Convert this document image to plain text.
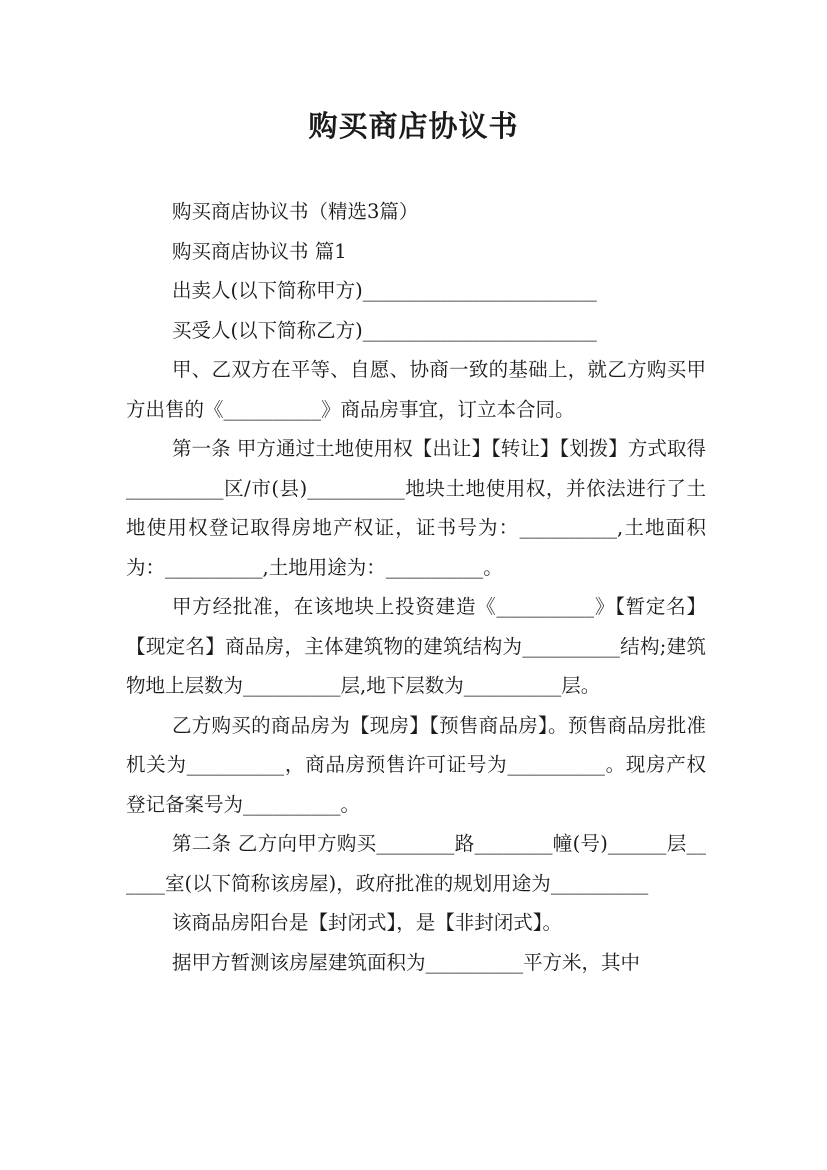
购买商店协议书

购买商店协议书（精选3篇）

购买商店协议书 篇1

出卖人(以下简称甲方)________________________

买受人(以下简称乙方)________________________

甲、乙双方在平等、自愿、协商一致的基础上，就乙方购买甲方出售的《__________》商品房事宜，订立本合同。

第一条 甲方通过土地使用权【出让】【转让】【划拨】方式取得__________区/市(县)__________地块土地使用权，并依法进行了土地使用权登记取得房地产权证，证书号为：__________,土地面积为：__________,土地用途为：__________。

甲方经批准，在该地块上投资建造《__________》【暂定名】【现定名】商品房，主体建筑物的建筑结构为__________结构;建筑物地上层数为__________层,地下层数为__________层。

乙方购买的商品房为【现房】【预售商品房】。预售商品房批准机关为__________，商品房预售许可证号为__________。现房产权登记备案号为__________。

第二条 乙方向甲方购买________路________幢(号)______层______室(以下简称该房屋)，政府批准的规划用途为__________

该商品房阳台是【封闭式】，是【非封闭式】。

据甲方暂测该房屋建筑面积为__________平方米，其中
